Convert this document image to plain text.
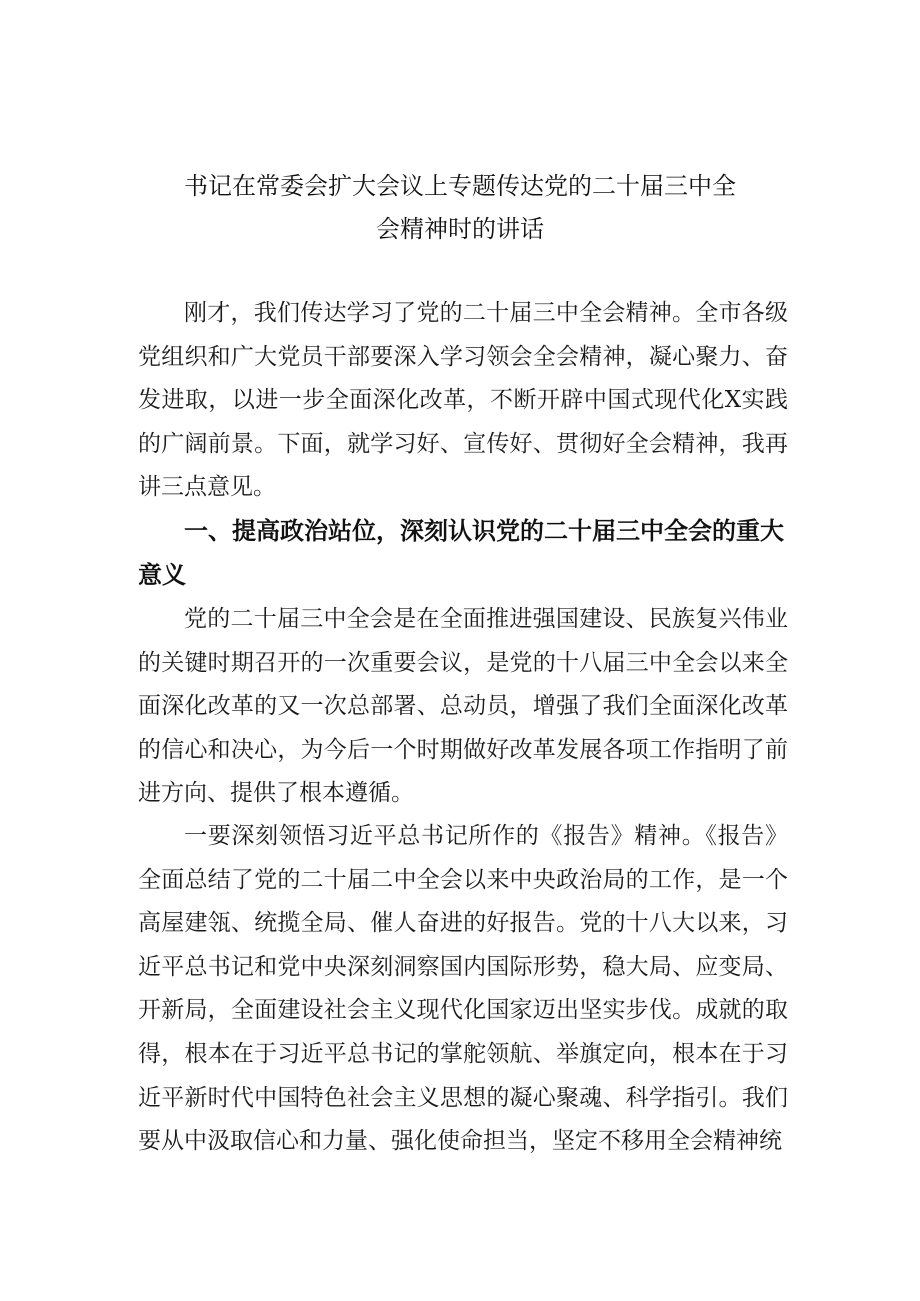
书记在常委会扩大会议上专题传达党的二十届三中全
会精神时的讲话

刚才，我们传达学习了党的二十届三中全会精神。全市各级党组织和广大党员干部要深入学习领会全会精神，凝心聚力、奋发进取，以进一步全面深化改革，不断开辟中国式现代化X实践的广阔前景。下面，就学习好、宣传好、贯彻好全会精神，我再讲三点意见。

一、提高政治站位，深刻认识党的二十届三中全会的重大意义

党的二十届三中全会是在全面推进强国建设、民族复兴伟业的关键时期召开的一次重要会议，是党的十八届三中全会以来全面深化改革的又一次总部署、总动员，增强了我们全面深化改革的信心和决心，为今后一个时期做好改革发展各项工作指明了前进方向、提供了根本遵循。

一要深刻领悟习近平总书记所作的《报告》精神。《报告》全面总结了党的二十届二中全会以来中央政治局的工作，是一个高屋建瓴、统揽全局、催人奋进的好报告。党的十八大以来，习近平总书记和党中央深刻洞察国内国际形势，稳大局、应变局、开新局，全面建设社会主义现代化国家迈出坚实步伐。成就的取得，根本在于习近平总书记的掌舵领航、举旗定向，根本在于习近平新时代中国特色社会主义思想的凝心聚魂、科学指引。我们要从中汲取信心和力量、强化使命担当，坚定不移用全会精神统
